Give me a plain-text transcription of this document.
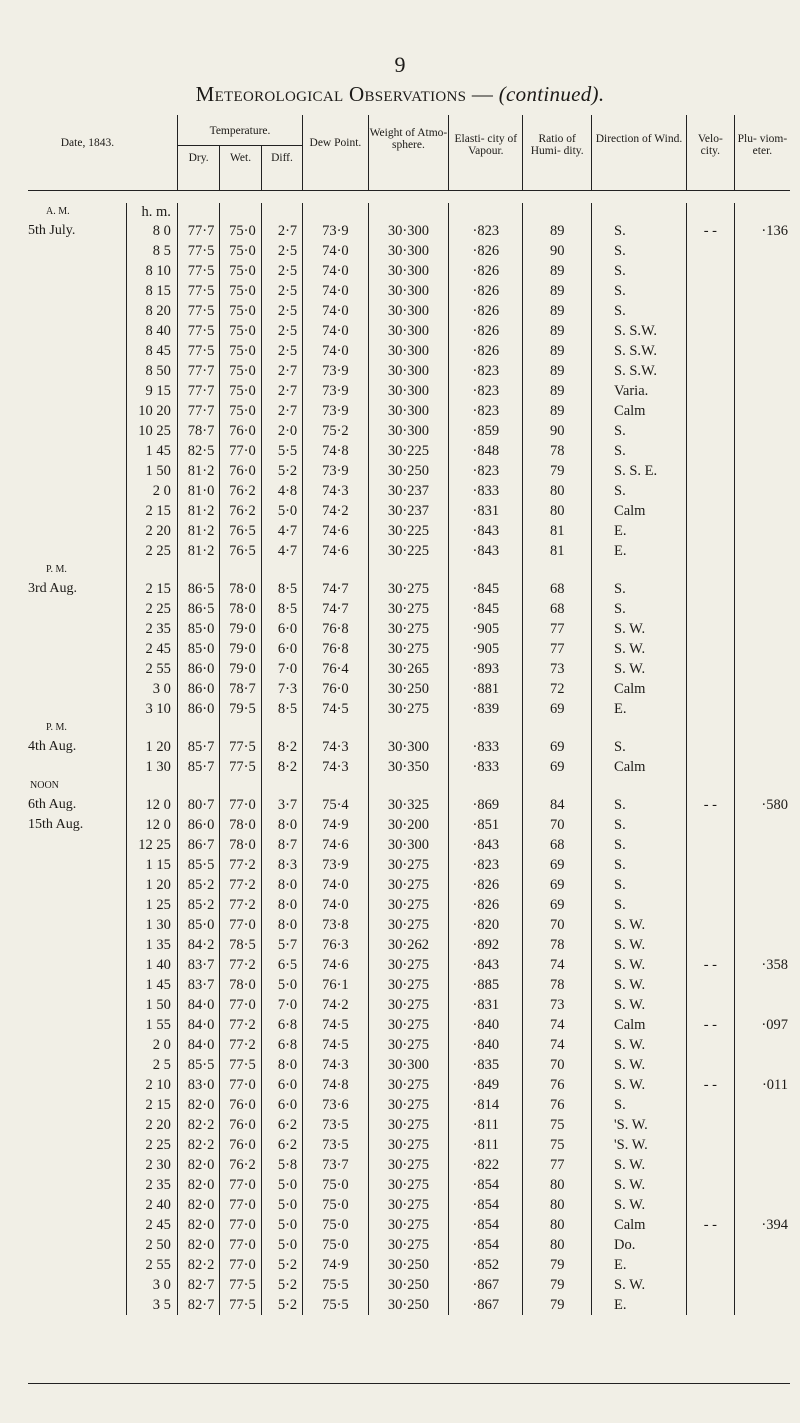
9
Meteorological Observations — (continued).
Date, 1843.		Temperature.			Dew Point.	Weight of Atmo- sphere.	Elasti- city of Vapour.	Ratio of Humi- dity.	Direction of Wind.	Velo- city.	Plu- viom- eter.
		Dry.	Wet.	Diff.							

A. M.	h. m.										
5th July.	8 0	77·7	75·0	2·7	73·9	30·300	·823	89	S.	- -	·136
	8 5	77·5	75·0	2·5	74·0	30·300	·826	90	S.		
	8 10	77·5	75·0	2·5	74·0	30·300	·826	89	S.		
	8 15	77·5	75·0	2·5	74·0	30·300	·826	89	S.		
	8 20	77·5	75·0	2·5	74·0	30·300	·826	89	S.		
	8 40	77·5	75·0	2·5	74·0	30·300	·826	89	S. S.W.		
	8 45	77·5	75·0	2·5	74·0	30·300	·826	89	S. S.W.		
	8 50	77·7	75·0	2·7	73·9	30·300	·823	89	S. S.W.		
	9 15	77·7	75·0	2·7	73·9	30·300	·823	89	Varia.		
	10 20	77·7	75·0	2·7	73·9	30·300	·823	89	Calm		
	10 25	78·7	76·0	2·0	75·2	30·300	·859	90	S.		
	1 45	82·5	77·0	5·5	74·8	30·225	·848	78	S.		
	1 50	81·2	76·0	5·2	73·9	30·250	·823	79	S. S. E.		
	2 0	81·0	76·2	4·8	74·3	30·237	·833	80	S.		
	2 15	81·2	76·2	5·0	74·2	30·237	·831	80	Calm		
	2 20	81·2	76·5	4·7	74·6	30·225	·843	81	E.		
	2 25	81·2	76·5	4·7	74·6	30·225	·843	81	E.		
P. M.											
3rd Aug.	2 15	86·5	78·0	8·5	74·7	30·275	·845	68	S.		
	2 25	86·5	78·0	8·5	74·7	30·275	·845	68	S.		
	2 35	85·0	79·0	6·0	76·8	30·275	·905	77	S. W.		
	2 45	85·0	79·0	6·0	76·8	30·275	·905	77	S. W.		
	2 55	86·0	79·0	7·0	76·4	30·265	·893	73	S. W.		
	3 0	86·0	78·7	7·3	76·0	30·250	·881	72	Calm		
	3 10	86·0	79·5	8·5	74·5	30·275	·839	69	E.		
P. M.											
4th Aug.	1 20	85·7	77·5	8·2	74·3	30·300	·833	69	S.		
	1 30	85·7	77·5	8·2	74·3	30·350	·833	69	Calm		
NOON											
6th Aug.	12 0	80·7	77·0	3·7	75·4	30·325	·869	84	S.	- -	·580
15th Aug.	12 0	86·0	78·0	8·0	74·9	30·200	·851	70	S.		
	12 25	86·7	78·0	8·7	74·6	30·300	·843	68	S.		
	1 15	85·5	77·2	8·3	73·9	30·275	·823	69	S.		
	1 20	85·2	77·2	8·0	74·0	30·275	·826	69	S.		
	1 25	85·2	77·2	8·0	74·0	30·275	·826	69	S.		
	1 30	85·0	77·0	8·0	73·8	30·275	·820	70	S. W.		
	1 35	84·2	78·5	5·7	76·3	30·262	·892	78	S. W.		
	1 40	83·7	77·2	6·5	74·6	30·275	·843	74	S. W.	- -	·358
	1 45	83·7	78·0	5·0	76·1	30·275	·885	78	S. W.		
	1 50	84·0	77·0	7·0	74·2	30·275	·831	73	S. W.		
	1 55	84·0	77·2	6·8	74·5	30·275	·840	74	Calm	- -	·097
	2 0	84·0	77·2	6·8	74·5	30·275	·840	74	S. W.		
	2 5	85·5	77·5	8·0	74·3	30·300	·835	70	S. W.		
	2 10	83·0	77·0	6·0	74·8	30·275	·849	76	S. W.	- -	·011
	2 15	82·0	76·0	6·0	73·6	30·275	·814	76	S.		
	2 20	82·2	76·0	6·2	73·5	30·275	·811	75	'S. W.		
	2 25	82·2	76·0	6·2	73·5	30·275	·811	75	'S. W.		
	2 30	82·0	76·2	5·8	73·7	30·275	·822	77	S. W.		
	2 35	82·0	77·0	5·0	75·0	30·275	·854	80	S. W.		
	2 40	82·0	77·0	5·0	75·0	30·275	·854	80	S. W.		
	2 45	82·0	77·0	5·0	75·0	30·275	·854	80	Calm	- -	·394
	2 50	82·0	77·0	5·0	75·0	30·275	·854	80	Do.		
	2 55	82·2	77·0	5·2	74·9	30·250	·852	79	E.		
	3 0	82·7	77·5	5·2	75·5	30·250	·867	79	S. W.		
	3 5	82·7	77·5	5·2	75·5	30·250	·867	79	E.		
